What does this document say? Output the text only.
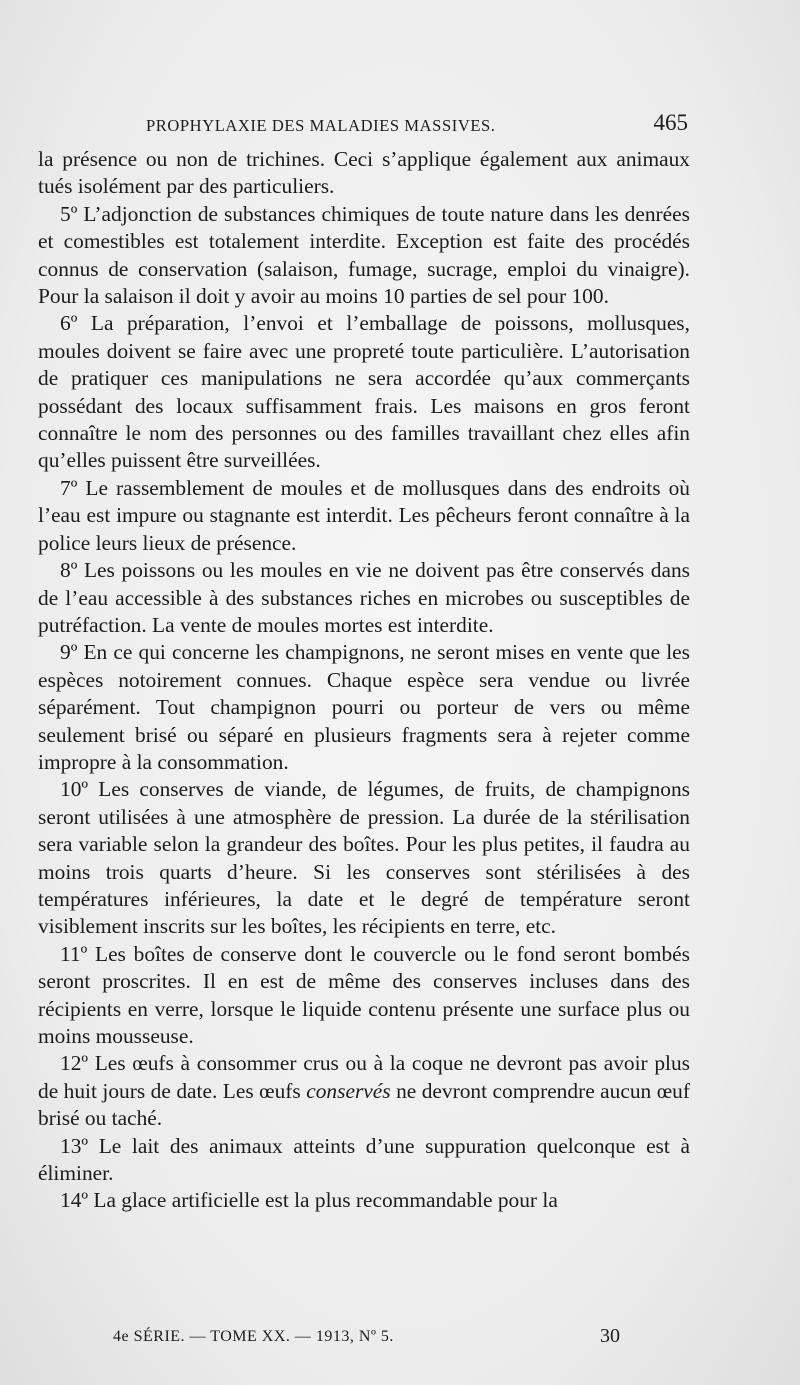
PROPHYLAXIE DES MALADIES MASSIVES.	465

la présence ou non de trichines. Ceci s’applique également aux animaux tués isolément par des particuliers.

5º L’adjonction de substances chimiques de toute nature dans les denrées et comestibles est totalement interdite. Exception est faite des procédés connus de conservation (salaison, fumage, sucrage, emploi du vinaigre). Pour la salaison il doit y avoir au moins 10 parties de sel pour 100.

6º La préparation, l’envoi et l’emballage de poissons, mollusques, moules doivent se faire avec une propreté toute particulière. L’autorisation de pratiquer ces manipulations ne sera accordée qu’aux commerçants possédant des locaux suffisamment frais. Les maisons en gros feront connaître le nom des personnes ou des familles travaillant chez elles afin qu’elles puissent être surveillées.

7º Le rassemblement de moules et de mollusques dans des endroits où l’eau est impure ou stagnante est interdit. Les pêcheurs feront connaître à la police leurs lieux de présence.

8º Les poissons ou les moules en vie ne doivent pas être conservés dans de l’eau accessible à des substances riches en microbes ou susceptibles de putréfaction. La vente de moules mortes est interdite.

9º En ce qui concerne les champignons, ne seront mises en vente que les espèces notoirement connues. Chaque espèce sera vendue ou livrée séparément. Tout champignon pourri ou porteur de vers ou même seulement brisé ou séparé en plusieurs fragments sera à rejeter comme impropre à la consommation.

10º Les conserves de viande, de légumes, de fruits, de champignons seront utilisées à une atmosphère de pression. La durée de la stérilisation sera variable selon la grandeur des boîtes. Pour les plus petites, il faudra au moins trois quarts d’heure. Si les conserves sont stérilisées à des températures inférieures, la date et le degré de température seront visiblement inscrits sur les boîtes, les récipients en terre, etc.

11º Les boîtes de conserve dont le couvercle ou le fond seront bombés seront proscrites. Il en est de même des conserves incluses dans des récipients en verre, lorsque le liquide contenu présente une surface plus ou moins mousseuse.

12º Les œufs à consommer crus ou à la coque ne devront pas avoir plus de huit jours de date. Les œufs conservés ne devront comprendre aucun œuf brisé ou taché.

13º Le lait des animaux atteints d’une suppuration quelconque est à éliminer.

14º La glace artificielle est la plus recommandable pour la

4e SÉRIE. — TOME XX. — 1913, Nº 5.	30
